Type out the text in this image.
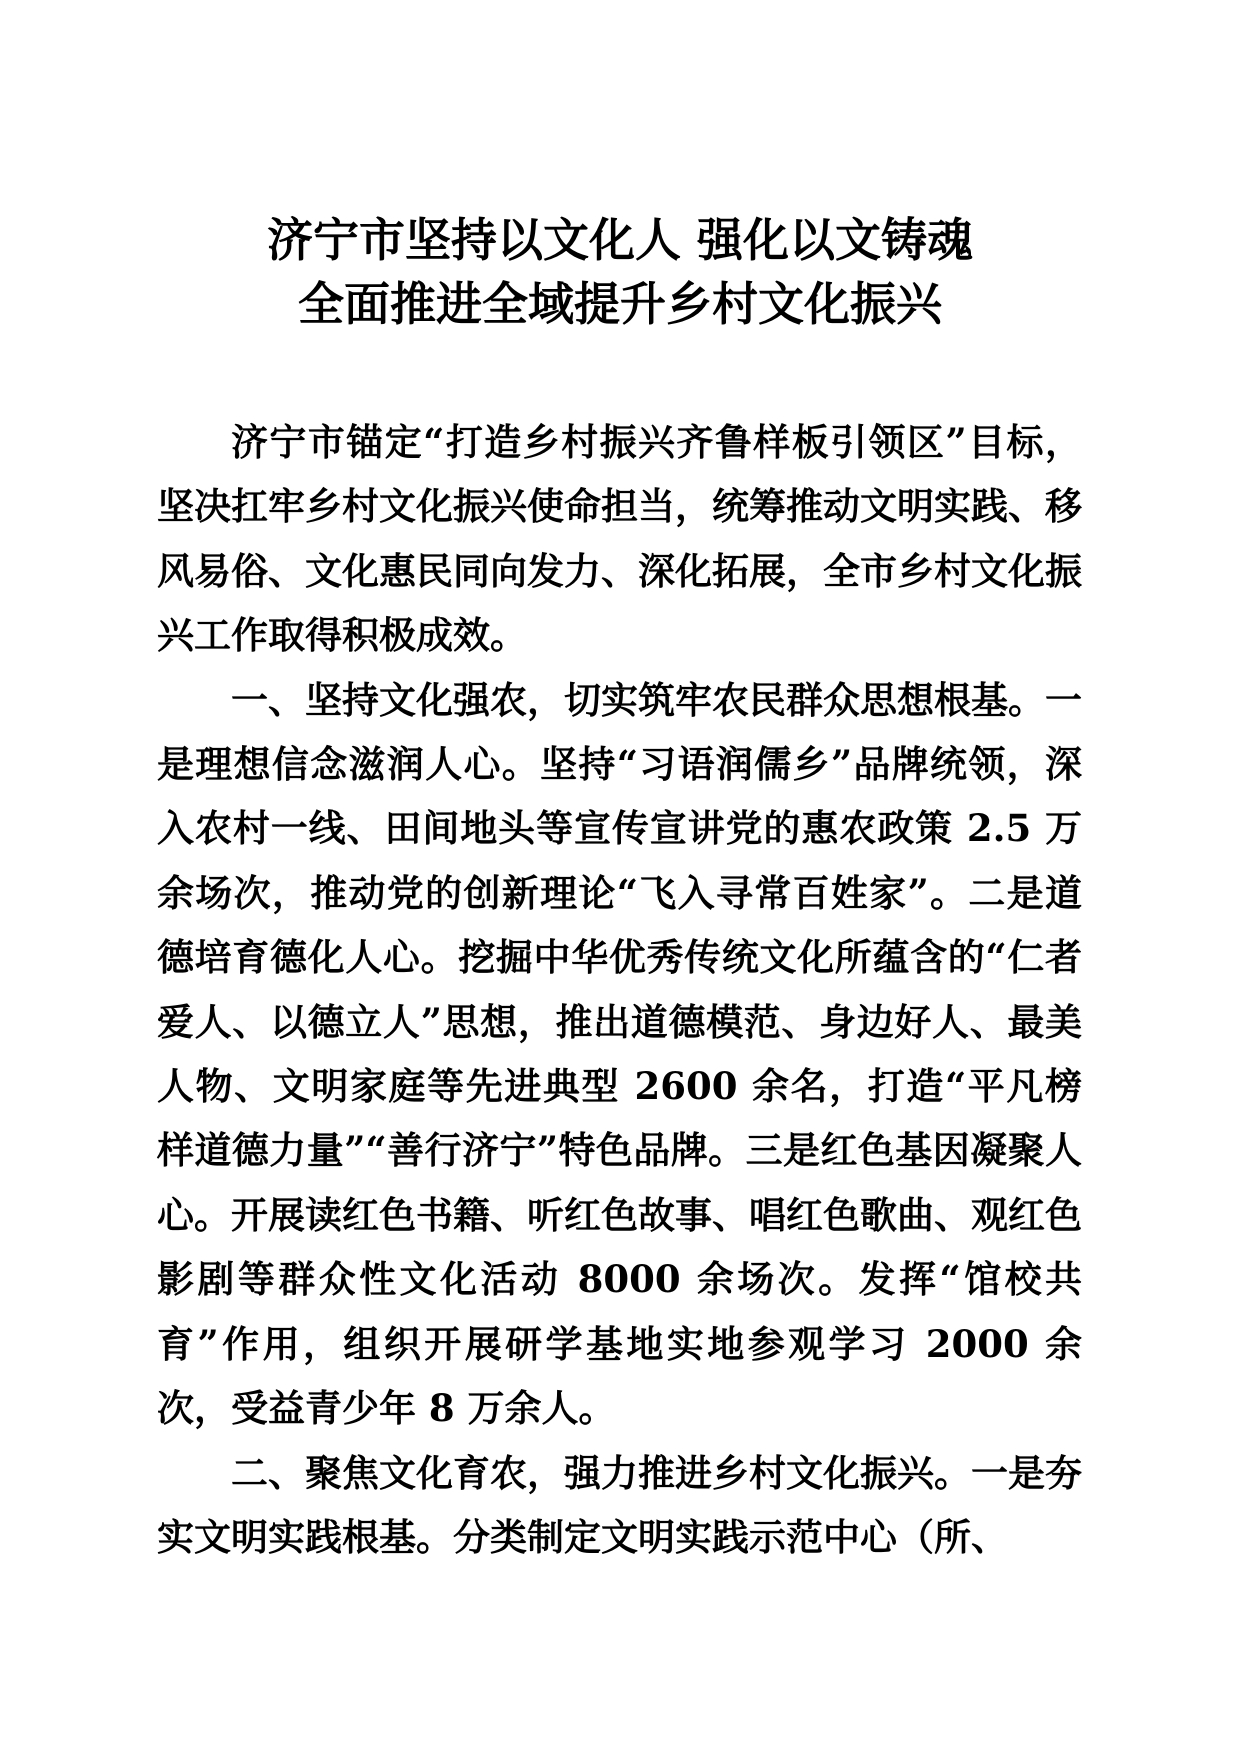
济宁市坚持以文化人 强化以文铸魂
全面推进全域提升乡村文化振兴

济宁市锚定“打造乡村振兴齐鲁样板引领区”目标，坚决扛牢乡村文化振兴使命担当，统筹推动文明实践、移风易俗、文化惠民同向发力、深化拓展，全市乡村文化振兴工作取得积极成效。

一、坚持文化强农，切实筑牢农民群众思想根基。一是理想信念滋润人心。坚持“习语润儒乡”品牌统领，深入农村一线、田间地头等宣传宣讲党的惠农政策 2.5 万余场次，推动党的创新理论“飞入寻常百姓家”。二是道德培育德化人心。挖掘中华优秀传统文化所蕴含的“仁者爱人、以德立人”思想，推出道德模范、身边好人、最美人物、文明家庭等先进典型 2600 余名，打造“平凡榜样道德力量”“善行济宁”特色品牌。三是红色基因凝聚人心。开展读红色书籍、听红色故事、唱红色歌曲、观红色影剧等群众性文化活动 8000 余场次。发挥“馆校共育”作用，组织开展研学基地实地参观学习 2000 余次，受益青少年 8 万余人。

二、聚焦文化育农，强力推进乡村文化振兴。一是夯实文明实践根基。分类制定文明实践示范中心（所、
